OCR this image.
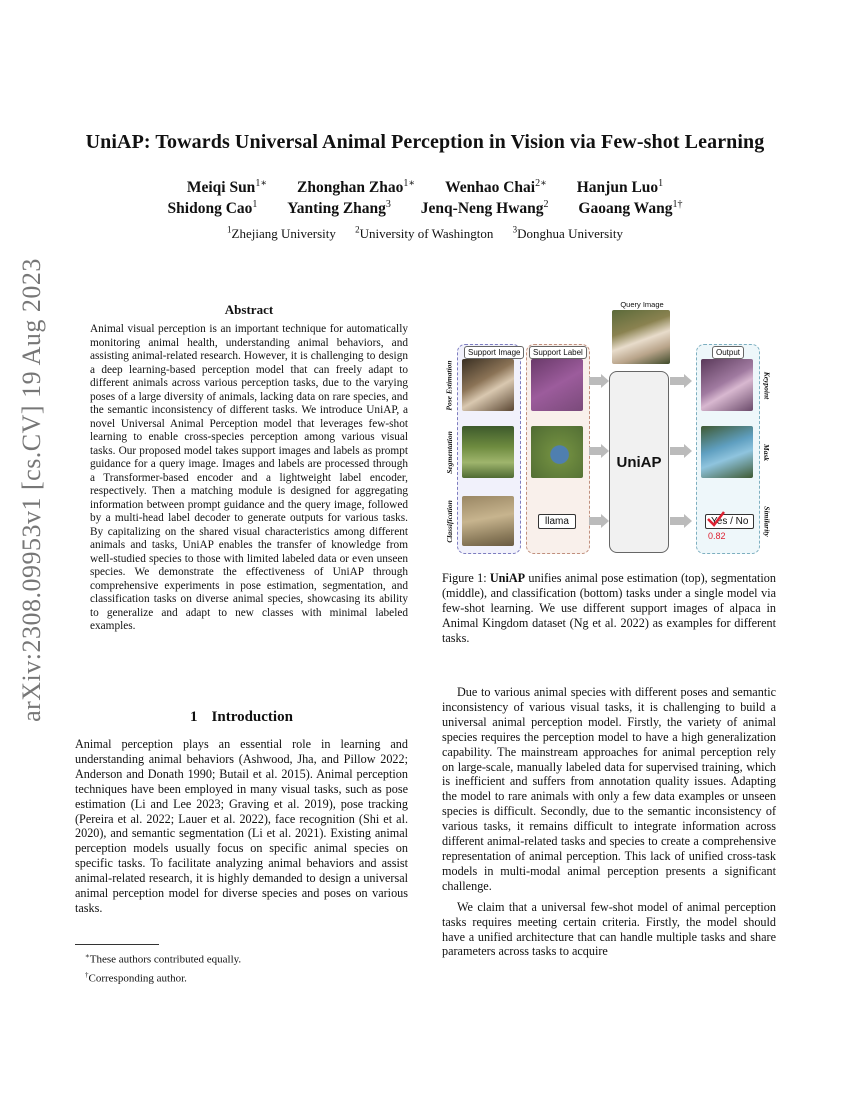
arXiv:2308.09953v1 [cs.CV] 19 Aug 2023
UniAP: Towards Universal Animal Perception in Vision via Few-shot Learning
Meiqi Sun$^{1∗}$ Zhonghan Zhao$^{1∗}$ Wenhao Chai$^{2∗}$ Hanjun Luo$^1$
Shidong Cao$^1$ Yanting Zhang$^3$ Jenq-Neng Hwang$^2$ Gaoang Wang$^{1\dagger}$
$^1$Zhejiang University $^2$University of Washington $^3$Donghua University
Abstract
Animal visual perception is an important technique for automatically monitoring animal health, understanding animal behaviors, and assisting animal-related research. However, it is challenging to design a deep learning-based perception model that can freely adapt to different animals across various perception tasks, due to the varying poses of a large diversity of animals, lacking data on rare species, and the semantic inconsistency of different tasks. We introduce UniAP, a novel Universal Animal Perception model that leverages few-shot learning to enable cross-species perception among various visual tasks. Our proposed model takes support images and labels as prompt guidance for a query image. Images and labels are processed through a Transformer-based encoder and a lightweight label encoder, respectively. Then a matching module is designed for aggregating information between prompt guidance and the query image, followed by a multi-head label decoder to generate outputs for various tasks. By capitalizing on the shared visual characteristics among different animals and tasks, UniAP enables the transfer of knowledge from well-studied species to those with limited labeled data or even unseen species. We demonstrate the effectiveness of UniAP through comprehensive experiments in pose estimation, segmentation, and classification tasks on diverse animal species, showcasing its ability to generalize and adapt to new classes with minimal labeled examples.
1 Introduction

Animal perception plays an essential role in learning and understanding animal behaviors (Ashwood, Jha, and Pillow 2022; Anderson and Donath 1990; Butail et al. 2015). Animal perception techniques have been employed in many visual tasks, such as pose estimation (Li and Lee 2023; Graving et al. 2019), pose tracking (Pereira et al. 2022; Lauer et al. 2022), face recognition (Shi et al. 2020), and semantic segmentation (Li et al. 2021). Existing animal perception models usually focus on specific animal species on specific tasks. To facilitate analyzing animal behaviors and assist animal-related research, it is highly demanded to design a universal animal perception model for diverse species and poses on various tasks.

∗These authors contributed equally.
†Corresponding author.
Query Image
Support Image	Support Label
llama
Pose Estimation
Segmentation
Classification
UniAP
Output
Yes / No
0.82
Keypoint
Mask
Similarity
Figure 1: UniAP unifies animal pose estimation (top), segmentation (middle), and classification (bottom) tasks under a single model via few-shot learning. We use different support images of alpaca in Animal Kingdom dataset (Ng et al. 2022) as examples for different tasks.

Due to various animal species with different poses and semantic inconsistency of various visual tasks, it is challenging to build a universal animal perception model. Firstly, the variety of animal species requires the perception model to have a high generalization capability. The mainstream approaches for animal perception rely on large-scale, manually labeled data for supervised training, which is inefficient and suffers from annotation quality issues. Adapting the model to rare animals with only a few data examples or unseen species is difficult. Secondly, due to the semantic inconsistency of various tasks, it remains difficult to integrate information across different animal-related tasks and species to create a comprehensive representation of animal perception. This lack of unified cross-task models in multi-modal animal perception presents a significant challenge.

We claim that a universal few-shot model of animal perception tasks requires meeting certain criteria. Firstly, the model should have a unified architecture that can handle multiple tasks and share parameters across tasks to acquire
